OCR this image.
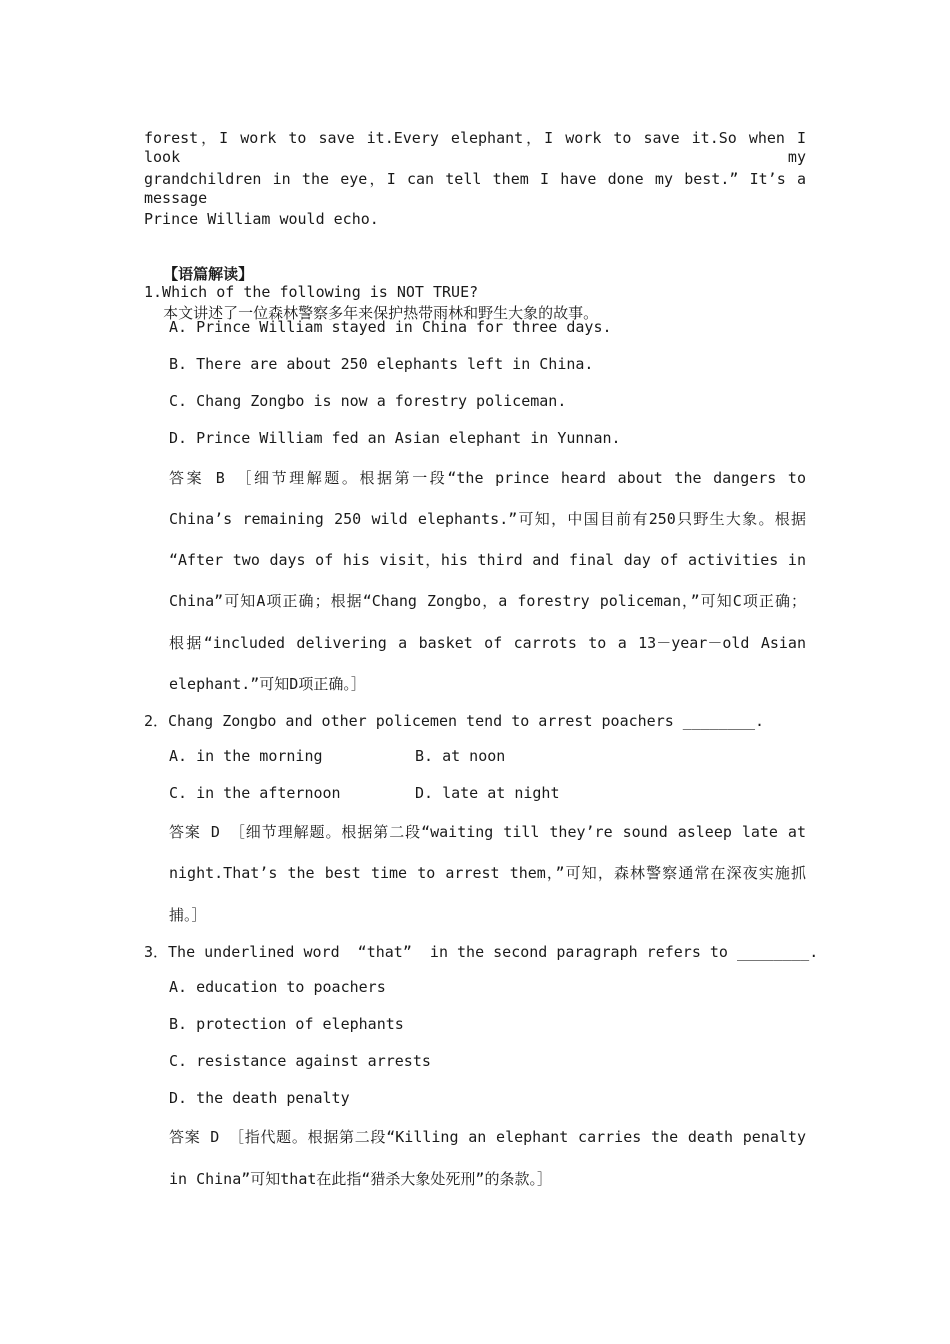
forest，I work to save it.Every elephant，I work to save it.So when I look my
grandchildren in the eye，I can tell them I have done my best.” It’s a message
Prince William would echo.

【语篇解读】

本文讲述了一位森林警察多年来保护热带雨林和野生大象的故事。

1.Which of the following is NOT TRUE?
A. Prince William stayed in China for three days.
B. There are about 250 elephants left in China.
C. Chang Zongbo is now a forestry policeman.
D. Prince William fed an Asian elephant in Yunnan.
答案 B ［细节理解题。根据第一段“the prince heard about the dangers to
China’s remaining 250 wild elephants.”可知，中国目前有250只野生大象。根据
“After two days of his visit，his third and final day of activities in
China”可知A项正确；根据“Chang Zongbo，a forestry policeman，”可知C项正确；
根据“included delivering a basket of carrots to a 13－year－old Asian
elephant.”可知D项正确。］
2．Chang Zongbo and other policemen tend to arrest poachers ________.
A. in the morning	B. at noon
C. in the afternoon	D. late at night
答案 D ［细节理解题。根据第二段“waiting till they’re sound asleep late at
night.That’s the best time to arrest them，”可知，森林警察通常在深夜实施抓
捕。］
3．The underlined word  “that”  in the second paragraph refers to ________.
A. education to poachers
B. protection of elephants
C. resistance against arrests
D. the death penalty
答案 D ［指代题。根据第二段“Killing an elephant carries the death penalty
in China”可知that在此指“猎杀大象处死刑”的条款。］
